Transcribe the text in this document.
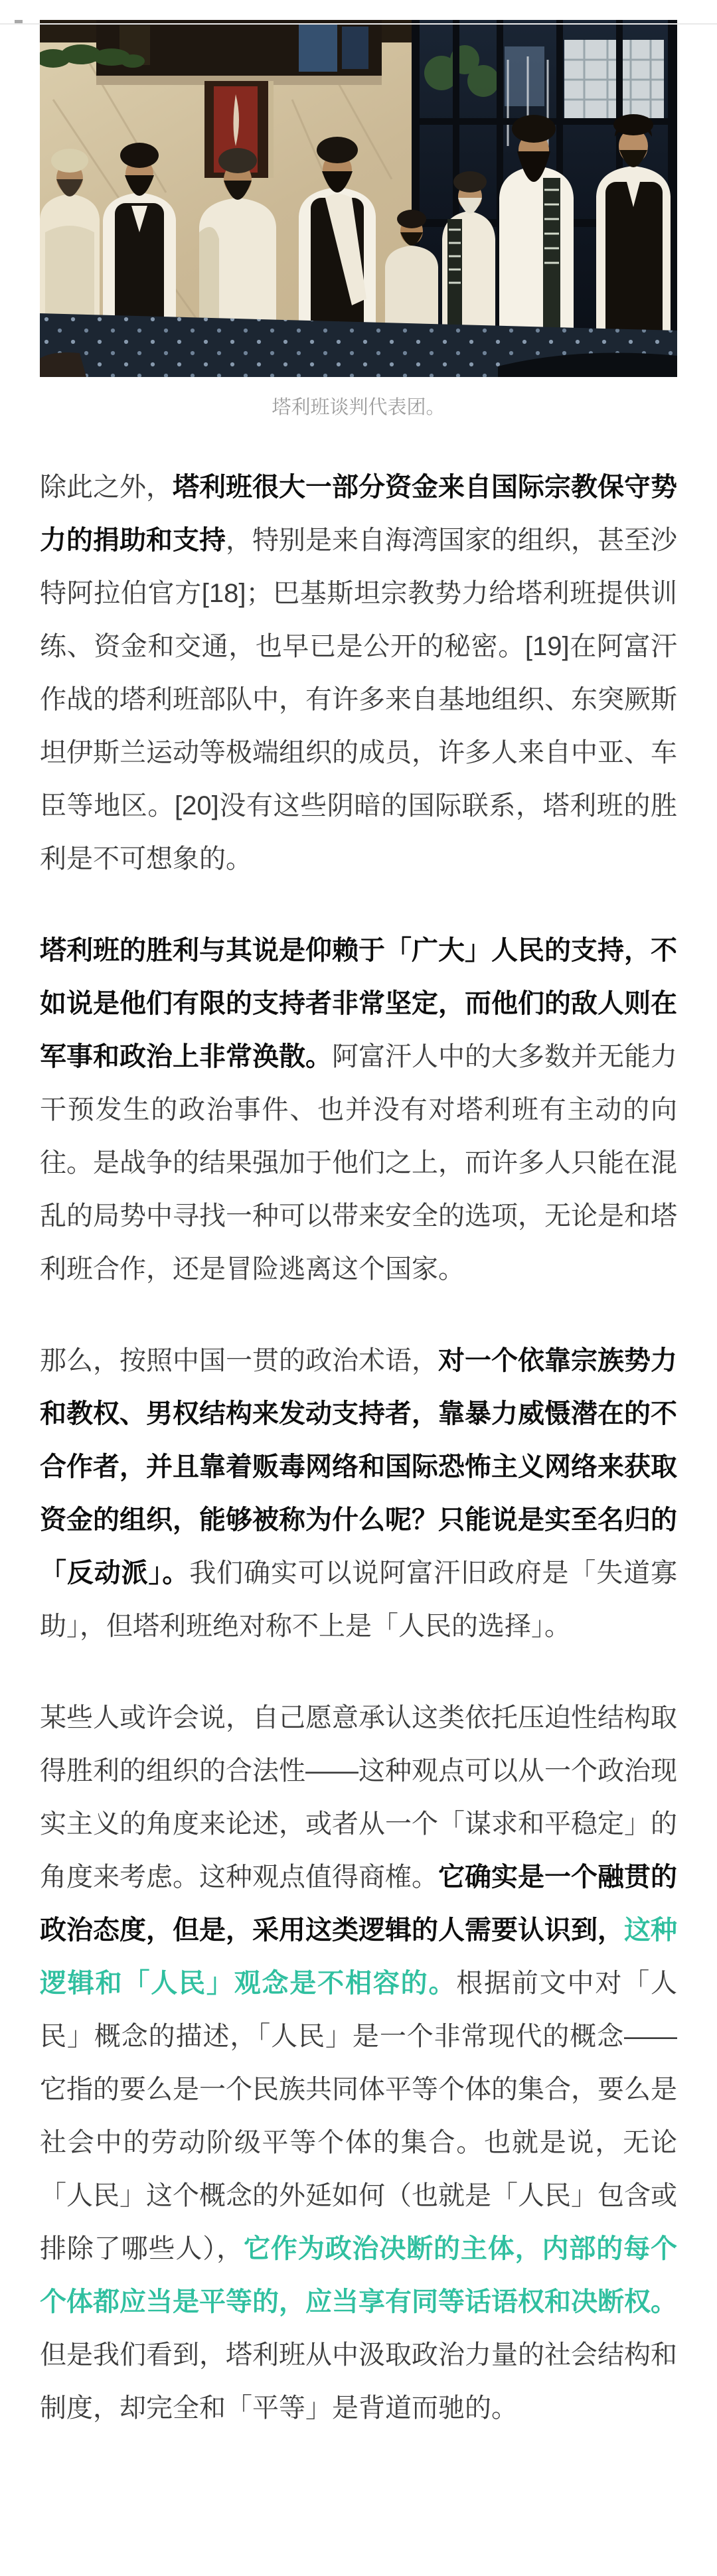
塔利班谈判代表团。

除此之外，塔利班很大一部分资金来自国际宗教保守势力的捐助和支持，特别是来自海湾国家的组织，甚至沙特阿拉伯官方[18]；巴基斯坦宗教势力给塔利班提供训练、资金和交通，也早已是公开的秘密。[19]在阿富汗作战的塔利班部队中，有许多来自基地组织、东突厥斯坦伊斯兰运动等极端组织的成员，许多人来自中亚、车臣等地区。[20]没有这些阴暗的国际联系，塔利班的胜利是不可想象的。

塔利班的胜利与其说是仰赖于「广大」人民的支持，不如说是他们有限的支持者非常坚定，而他们的敌人则在军事和政治上非常涣散。阿富汗人中的大多数并无能力干预发生的政治事件、也并没有对塔利班有主动的向往。是战争的结果强加于他们之上，而许多人只能在混乱的局势中寻找一种可以带来安全的选项，无论是和塔利班合作，还是冒险逃离这个国家。

那么，按照中国一贯的政治术语，对一个依靠宗族势力和教权、男权结构来发动支持者，靠暴力威慑潜在的不合作者，并且靠着贩毒网络和国际恐怖主义网络来获取资金的组织，能够被称为什么呢？只能说是实至名归的「反动派」。我们确实可以说阿富汗旧政府是「失道寡助」，但塔利班绝对称不上是「人民的选择」。

某些人或许会说，自己愿意承认这类依托压迫性结构取得胜利的组织的合法性——这种观点可以从一个政治现实主义的角度来论述，或者从一个「谋求和平稳定」的角度来考虑。这种观点值得商榷。它确实是一个融贯的政治态度，但是，采用这类逻辑的人需要认识到，这种逻辑和「人民」观念是不相容的。根据前文中对「人民」概念的描述，「人民」是一个非常现代的概念——它指的要么是一个民族共同体平等个体的集合，要么是社会中的劳动阶级平等个体的集合。也就是说，无论「人民」这个概念的外延如何（也就是「人民」包含或排除了哪些人），它作为政治决断的主体，内部的每个个体都应当是平等的，应当享有同等话语权和决断权。但是我们看到，塔利班从中汲取政治力量的社会结构和制度，却完全和「平等」是背道而驰的。
